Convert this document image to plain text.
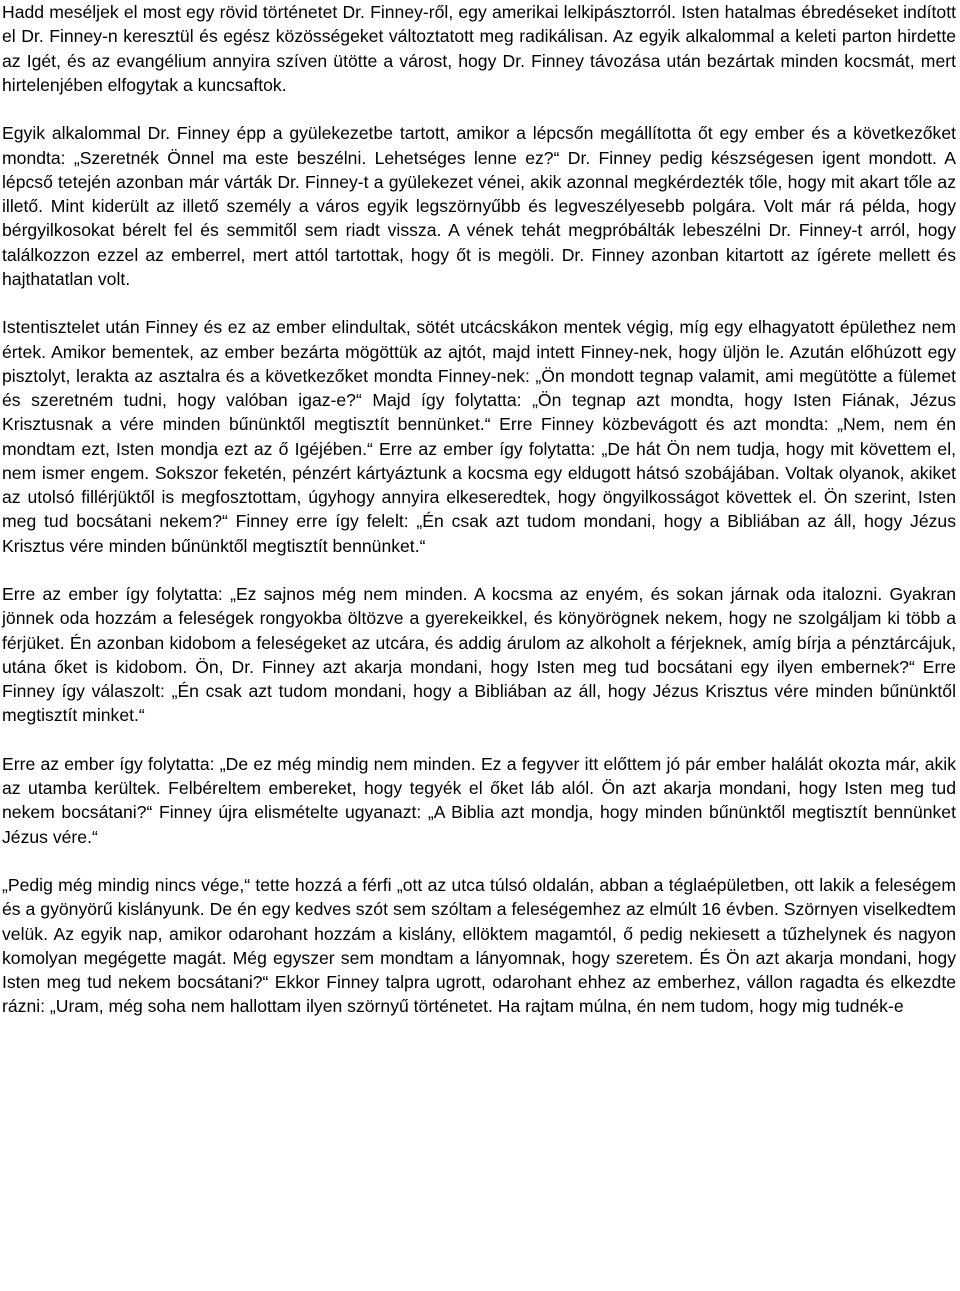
Hadd meséljek el most egy rövid történetet Dr. Finney-ről, egy amerikai lelkipásztorról. Isten hatalmas ébredéseket indított el Dr. Finney-n keresztül és egész közösségeket változtatott meg radikálisan. Az egyik alkalommal a keleti parton hirdette az Igét, és az evangélium annyira szíven ütötte a várost, hogy Dr. Finney távozása után bezártak minden kocsmát, mert hirtelenjében elfogytak a kuncsaftok.

Egyik alkalommal Dr. Finney épp a gyülekezetbe tartott, amikor a lépcsőn megállította őt egy ember és a következőket mondta: „Szeretnék Önnel ma este beszélni. Lehetséges lenne ez?“ Dr. Finney pedig készségesen igent mondott. A lépcső tetején azonban már várták Dr. Finney-t a gyülekezet vénei, akik azonnal megkérdezték tőle, hogy mit akart tőle az illető. Mint kiderült az illető személy a város egyik legszörnyűbb és legveszélyesebb polgára. Volt már rá példa, hogy bérgyilkosokat bérelt fel és semmitől sem riadt vissza. A vének tehát megpróbálták lebeszélni Dr. Finney-t arról, hogy találkozzon ezzel az emberrel, mert attól tartottak, hogy őt is megöli. Dr. Finney azonban kitartott az ígérete mellett és hajthatatlan volt.

Istentisztelet után Finney és ez az ember elindultak, sötét utcácskákon mentek végig, míg egy elhagyatott épülethez nem értek. Amikor bementek, az ember bezárta mögöttük az ajtót, majd intett Finney-nek, hogy üljön le. Azután előhúzott egy pisztolyt, lerakta az asztalra és a következőket mondta Finney-nek: „Ön mondott tegnap valamit, ami megütötte a fülemet és szeretném tudni, hogy valóban igaz-e?“ Majd így folytatta: „Ön tegnap azt mondta, hogy Isten Fiának, Jézus Krisztusnak a vére minden bűnünktől megtisztít bennünket.“ Erre Finney közbevágott és azt mondta: „Nem, nem én mondtam ezt, Isten mondja ezt az ő Igéjében.“ Erre az ember így folytatta: „De hát Ön nem tudja, hogy mit követtem el, nem ismer engem. Sokszor feketén, pénzért kártyáztunk a kocsma egy eldugott hátsó szobájában. Voltak olyanok, akiket az utolsó fillérjüktől is megfosztottam, úgyhogy annyira elkeseredtek, hogy öngyilkosságot követtek el. Ön szerint, Isten meg tud bocsátani nekem?“ Finney erre így felelt: „Én csak azt tudom mondani, hogy a Bibliában az áll, hogy Jézus Krisztus vére minden bűnünktől megtisztít bennünket.“

Erre az ember így folytatta: „Ez sajnos még nem minden. A kocsma az enyém, és sokan járnak oda italozni. Gyakran jönnek oda hozzám a feleségek rongyokba öltözve a gyerekeikkel, és könyörögnek nekem, hogy ne szolgáljam ki több a férjüket. Én azonban kidobom a feleségeket az utcára, és addig árulom az alkoholt a férjeknek, amíg bírja a pénztárcájuk, utána őket is kidobom. Ön, Dr. Finney azt akarja mondani, hogy Isten meg tud bocsátani egy ilyen embernek?“ Erre Finney így válaszolt: „Én csak azt tudom mondani, hogy a Bibliában az áll, hogy Jézus Krisztus vére minden bűnünktől megtisztít minket.“

Erre az ember így folytatta: „De ez még mindig nem minden. Ez a fegyver itt előttem jó pár ember halálát okozta már, akik az utamba kerültek. Felbéreltem embereket, hogy tegyék el őket láb alól. Ön azt akarja mondani, hogy Isten meg tud nekem bocsátani?“ Finney újra elismételte ugyanazt: „A Biblia azt mondja, hogy minden bűnünktől megtisztít bennünket Jézus vére.“

„Pedig még mindig nincs vége,“ tette hozzá a férfi „ott az utca túlsó oldalán, abban a téglaépületben, ott lakik a feleségem és a gyönyörű kislányunk. De én egy kedves szót sem szóltam a feleségemhez az elmúlt 16 évben. Szörnyen viselkedtem velük. Az egyik nap, amikor odarohant hozzám a kislány, ellöktem magamtól, ő pedig nekiesett a tűzhelynek és nagyon komolyan megégette magát. Még egyszer sem mondtam a lányomnak, hogy szeretem. És Ön azt akarja mondani, hogy Isten meg tud nekem bocsátani?“ Ekkor Finney talpra ugrott, odarohant ehhez az emberhez, vállon ragadta és elkezdte rázni: „Uram, még soha nem hallottam ilyen szörnyű történetet. Ha rajtam múlna, én nem tudom, hogy mig tudnék-e
